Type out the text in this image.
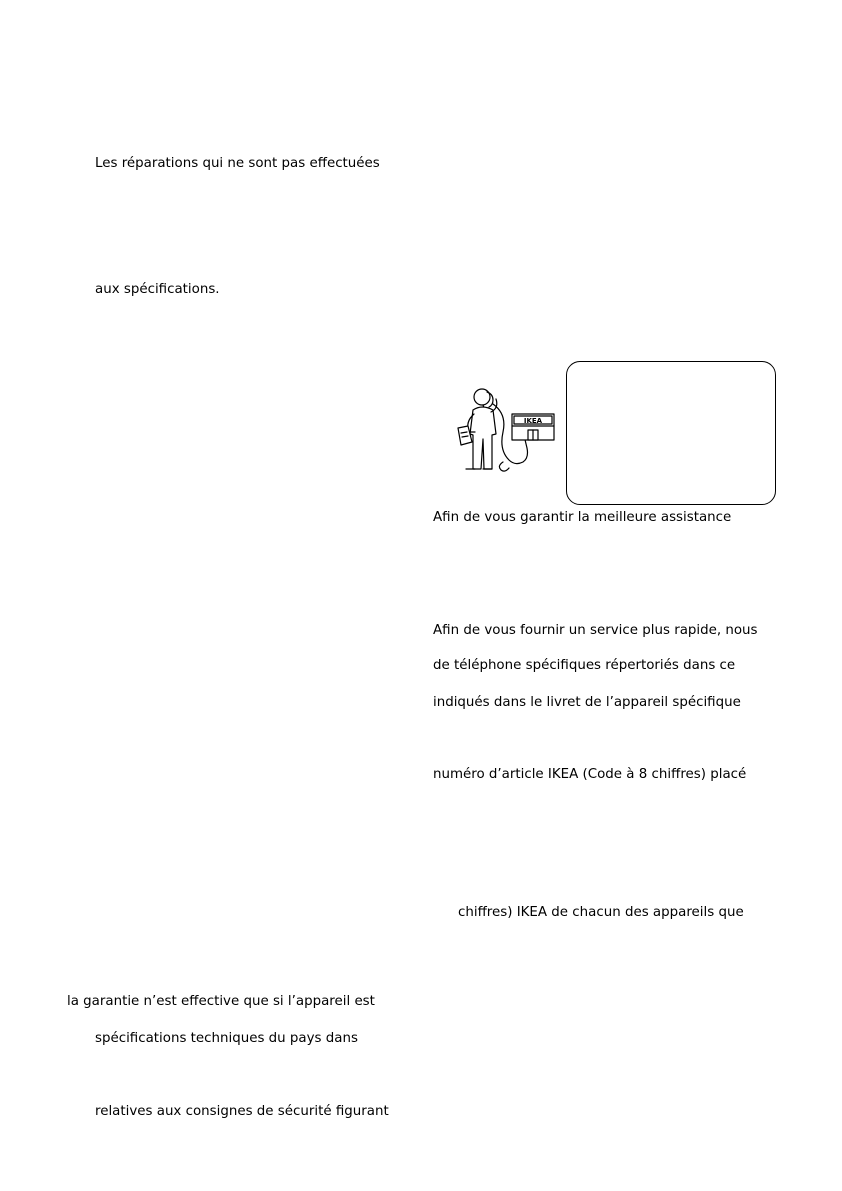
Les réparations qui ne sont pas effectuées
aux spécifications.
la garantie n’est effective que si l’appareil est
spécifications techniques du pays dans
relatives aux consignes de sécurité figurant
IKEA
Afin de vous garantir la meilleure assistance
Afin de vous fournir un service plus rapide, nous
de téléphone spécifiques répertoriés dans ce
indiqués dans le livret de l’appareil spécifique
numéro d’article IKEA (Code à 8 chiffres) placé
chiffres) IKEA de chacun des appareils que
